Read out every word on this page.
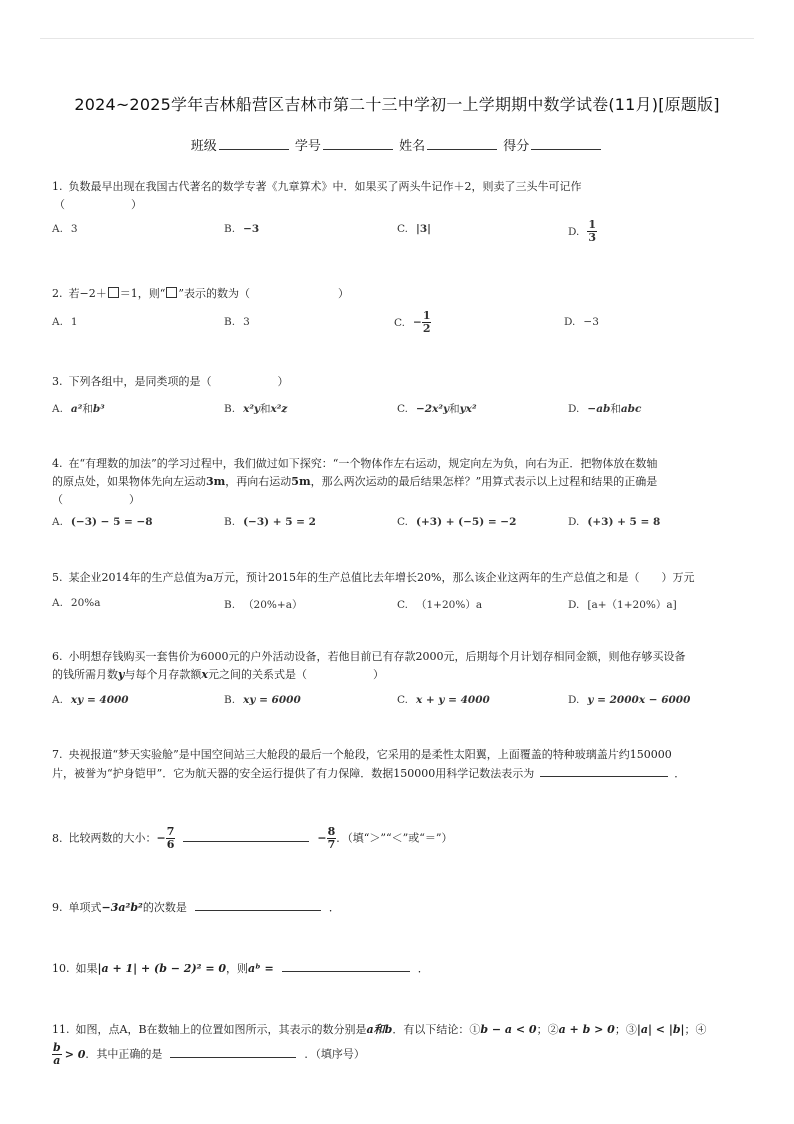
2024~2025学年吉林船营区吉林市第二十三中学初一上学期期中数学试卷(11月)[原题版]
班级	学号	姓名	得分
1. 负数最早出现在我国古代著名的数学专著《九章算术》中．如果买了两头牛记作＋2，则卖了三头牛可记作
（　　　　　　）
A. 3	B. −3	C. |3|	D. $\frac{1}{3}$
2. 若−2＋ ＝1，则“ ”表示的数为（　　　　　　　　）
A. 1	B. 3	C. − $\frac{1}{2}$	D. −3
3. 下列各组中，是同类项的是（　　　　　　）
A. a²和b³	B. x²y和x²z	C. −2x²y和yx²	D. −ab和abc
4. 在“有理数的加法”的学习过程中，我们做过如下探究：“一个物体作左右运动，规定向左为负，向右为正．把物体放在数轴
的原点处，如果物体先向左运动3m，再向右运动5m，那么两次运动的最后结果怎样？”用算式表示以上过程和结果的正确是
（　　　　　　）
A. (−3) − 5 = −8	B. (−3) + 5 = 2	C. (+3) + (−5) = −2	D. (+3) + 5 = 8
5. 某企业2014年的生产总值为a万元，预计2015年的生产总值比去年增长20%，那么该企业这两年的生产总值之和是（　　）万元
A. 20%a	B. （20%+a）	C. （1+20%）a	D. [a+（1+20%）a]
6. 小明想存钱购买一套售价为6000元的户外活动设备，若他目前已有存款2000元，后期每个月计划存相同金额，则他存够买设备
的钱所需月数y与每个月存款额x元之间的关系式是（　　　　　　）
A. xy = 4000	B. xy = 6000	C. x + y = 4000	D. y = 2000x − 6000
7. 央视报道“梦天实验舱”是中国空间站三大舱段的最后一个舱段，它采用的是柔性太阳翼，上面覆盖的特种玻璃盖片约150000
片，被誉为“护身铠甲”．它为航天器的安全运行提供了有力保障．数据150000用科学记数法表示为	．
8. 比较两数的大小：− $\frac{7}{6}$	− $\frac{8}{7}$ ．（填“＞”“＜”或“＝”）
9. 单项式−3a²b²的次数是	．
10. 如果|a + 1| + (b − 2)² = 0，则aᵇ =	．
11. 如图，点A，B在数轴上的位置如图所示，其表示的数分别是a和b．有以下结论：①b − a < 0；②a + b > 0；③|a| < |b|；④
$\frac{b}{a} > 0$．其中正确的是	．（填序号）
